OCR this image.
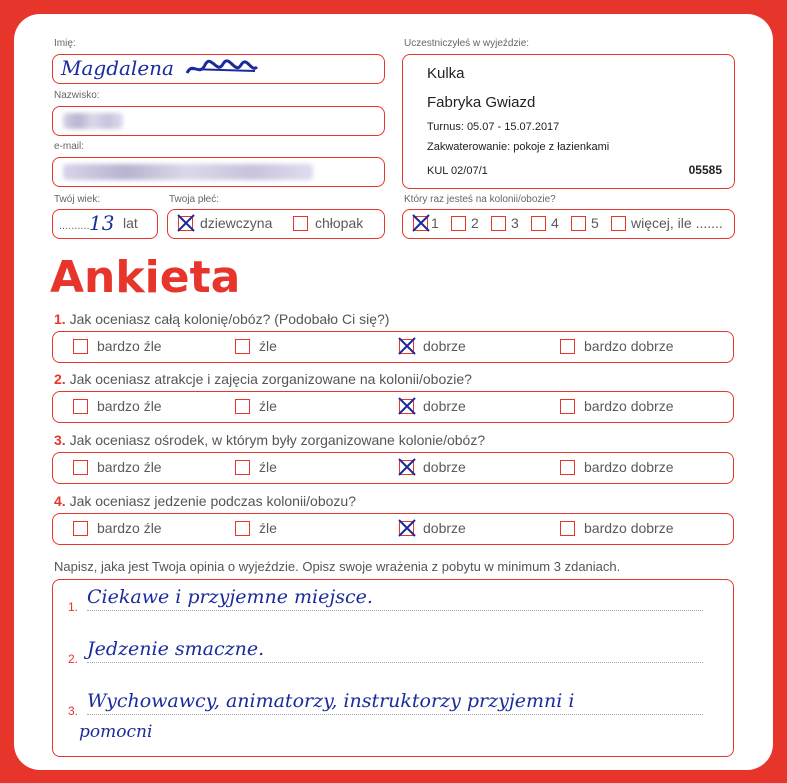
Imię:
Magdalena
Nazwisko:
e-mail:
Twój wiek:
.......... 13 lat
Twoja płeć:
dziewczyna	chłopak
Uczestniczyłeś w wyjeździe:
Kulka
Fabryka Gwiazd
Turnus: 05.07 - 15.07.2017
Zakwaterowanie: pokoje z łazienkami
KUL 02/07/1	05585
Który raz jesteś na kolonii/obozie?
1 2 3 4 5 więcej, ile .......
Ankieta
1. Jak oceniasz całą kolonię/obóz? (Podobało Ci się?)
bardzo źle	źle	dobrze	bardzo dobrze
2. Jak oceniasz atrakcje i zajęcia zorganizowane na kolonii/obozie?
bardzo źle	źle	dobrze	bardzo dobrze
3. Jak oceniasz ośrodek, w którym były zorganizowane kolonie/obóz?
bardzo źle	źle	dobrze	bardzo dobrze
4. Jak oceniasz jedzenie podczas kolonii/obozu?
bardzo źle	źle	dobrze	bardzo dobrze
Napisz, jaka jest Twoja opinia o wyjeździe. Opisz swoje wrażenia z pobytu w minimum 3 zdaniach.
1. Ciekawe i przyjemne miejsce.
2. Jedzenie smaczne.
3. Wychowawcy, animatorzy, instruktorzy przyjemni i
pomocni
